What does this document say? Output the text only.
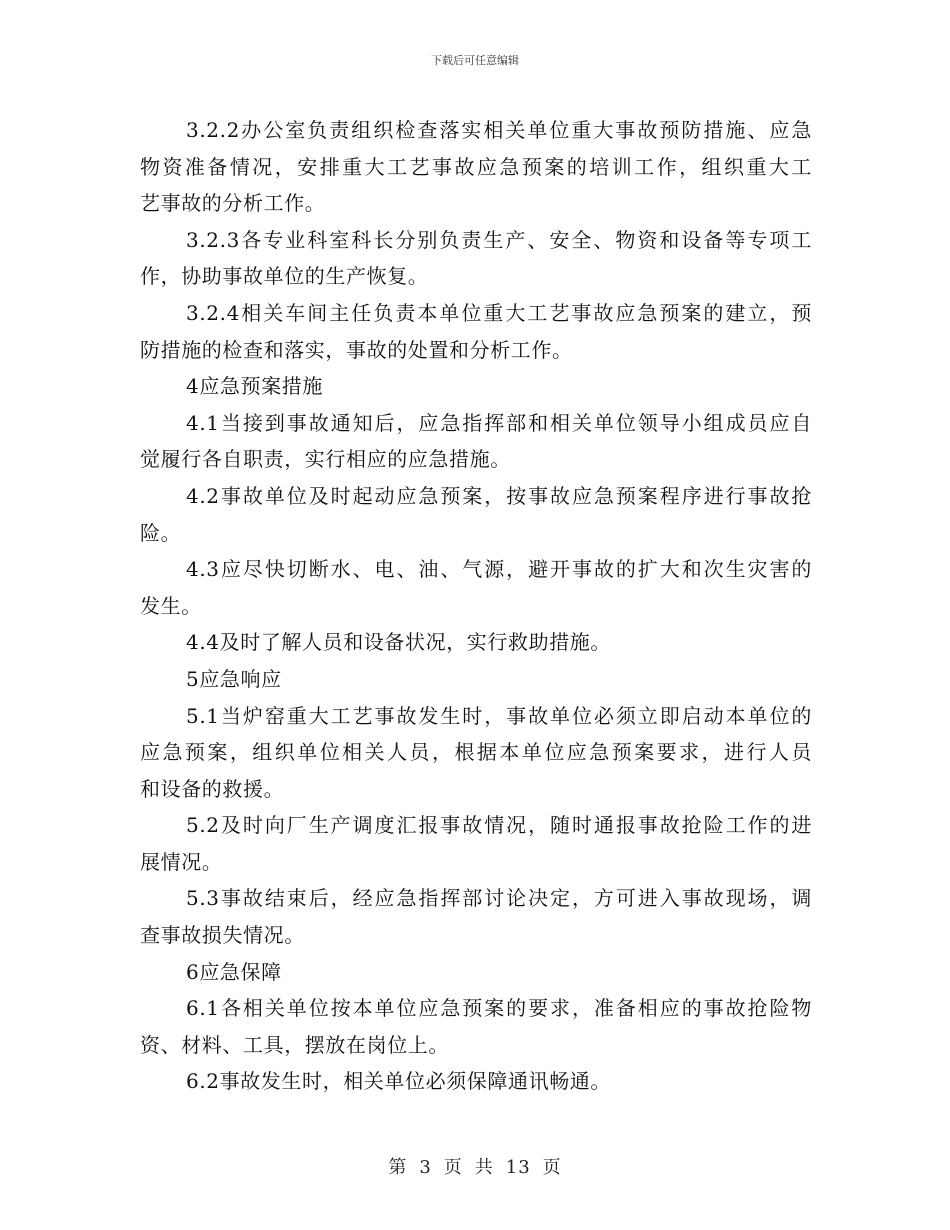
下载后可任意编辑
3.2.2办公室负责组织检查落实相关单位重大事故预防措施、应急
物资准备情况，安排重大工艺事故应急预案的培训工作，组织重大工
艺事故的分析工作。
3.2.3各专业科室科长分别负责生产、安全、物资和设备等专项工
作，协助事故单位的生产恢复。
3.2.4相关车间主任负责本单位重大工艺事故应急预案的建立，预
防措施的检查和落实，事故的处置和分析工作。
4应急预案措施
4.1当接到事故通知后，应急指挥部和相关单位领导小组成员应自
觉履行各自职责，实行相应的应急措施。
4.2事故单位及时起动应急预案，按事故应急预案程序进行事故抢
险。
4.3应尽快切断水、电、油、气源，避开事故的扩大和次生灾害的
发生。
4.4及时了解人员和设备状况，实行救助措施。
5应急响应
5.1当炉窑重大工艺事故发生时，事故单位必须立即启动本单位的
应急预案，组织单位相关人员，根据本单位应急预案要求，进行人员
和设备的救援。
5.2及时向厂生产调度汇报事故情况，随时通报事故抢险工作的进
展情况。
5.3事故结束后，经应急指挥部讨论决定，方可进入事故现场，调
查事故损失情况。
6应急保障
6.1各相关单位按本单位应急预案的要求，准备相应的事故抢险物
资、材料、工具，摆放在岗位上。
6.2事故发生时，相关单位必须保障通讯畅通。
第 3 页 共 13 页
